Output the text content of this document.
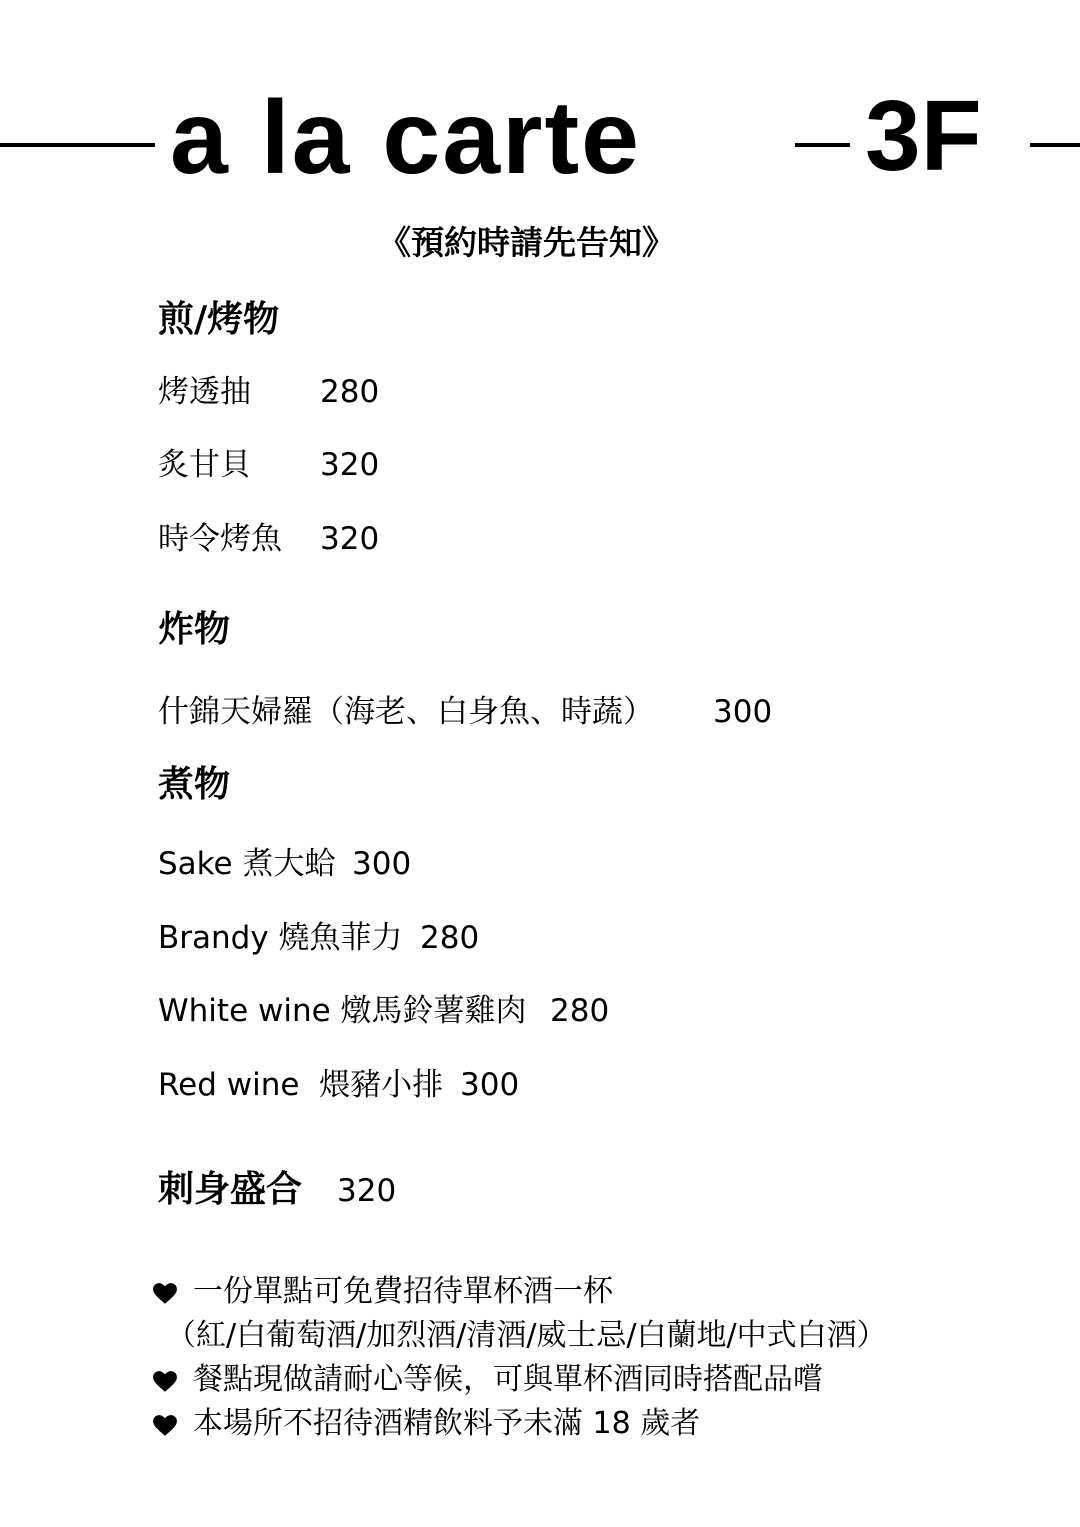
a la carte 3F
《預約時請先告知》
煎/烤物
烤透抽 280
炙甘貝 320
時令烤魚 320
炸物
什錦天婦羅（海老、白身魚、時蔬） 300
煮物
Sake 煮大蛤 300
Brandy 燒魚菲力 280
White wine 燉馬鈴薯雞肉 280
Red wine  煨豬小排 300
刺身盛合 320
一份單點可免費招待單杯酒一杯
（紅/白葡萄酒/加烈酒/清酒/威士忌/白蘭地/中式白酒）
餐點現做請耐心等候，可與單杯酒同時搭配品嚐
本場所不招待酒精飲料予未滿 18 歲者
